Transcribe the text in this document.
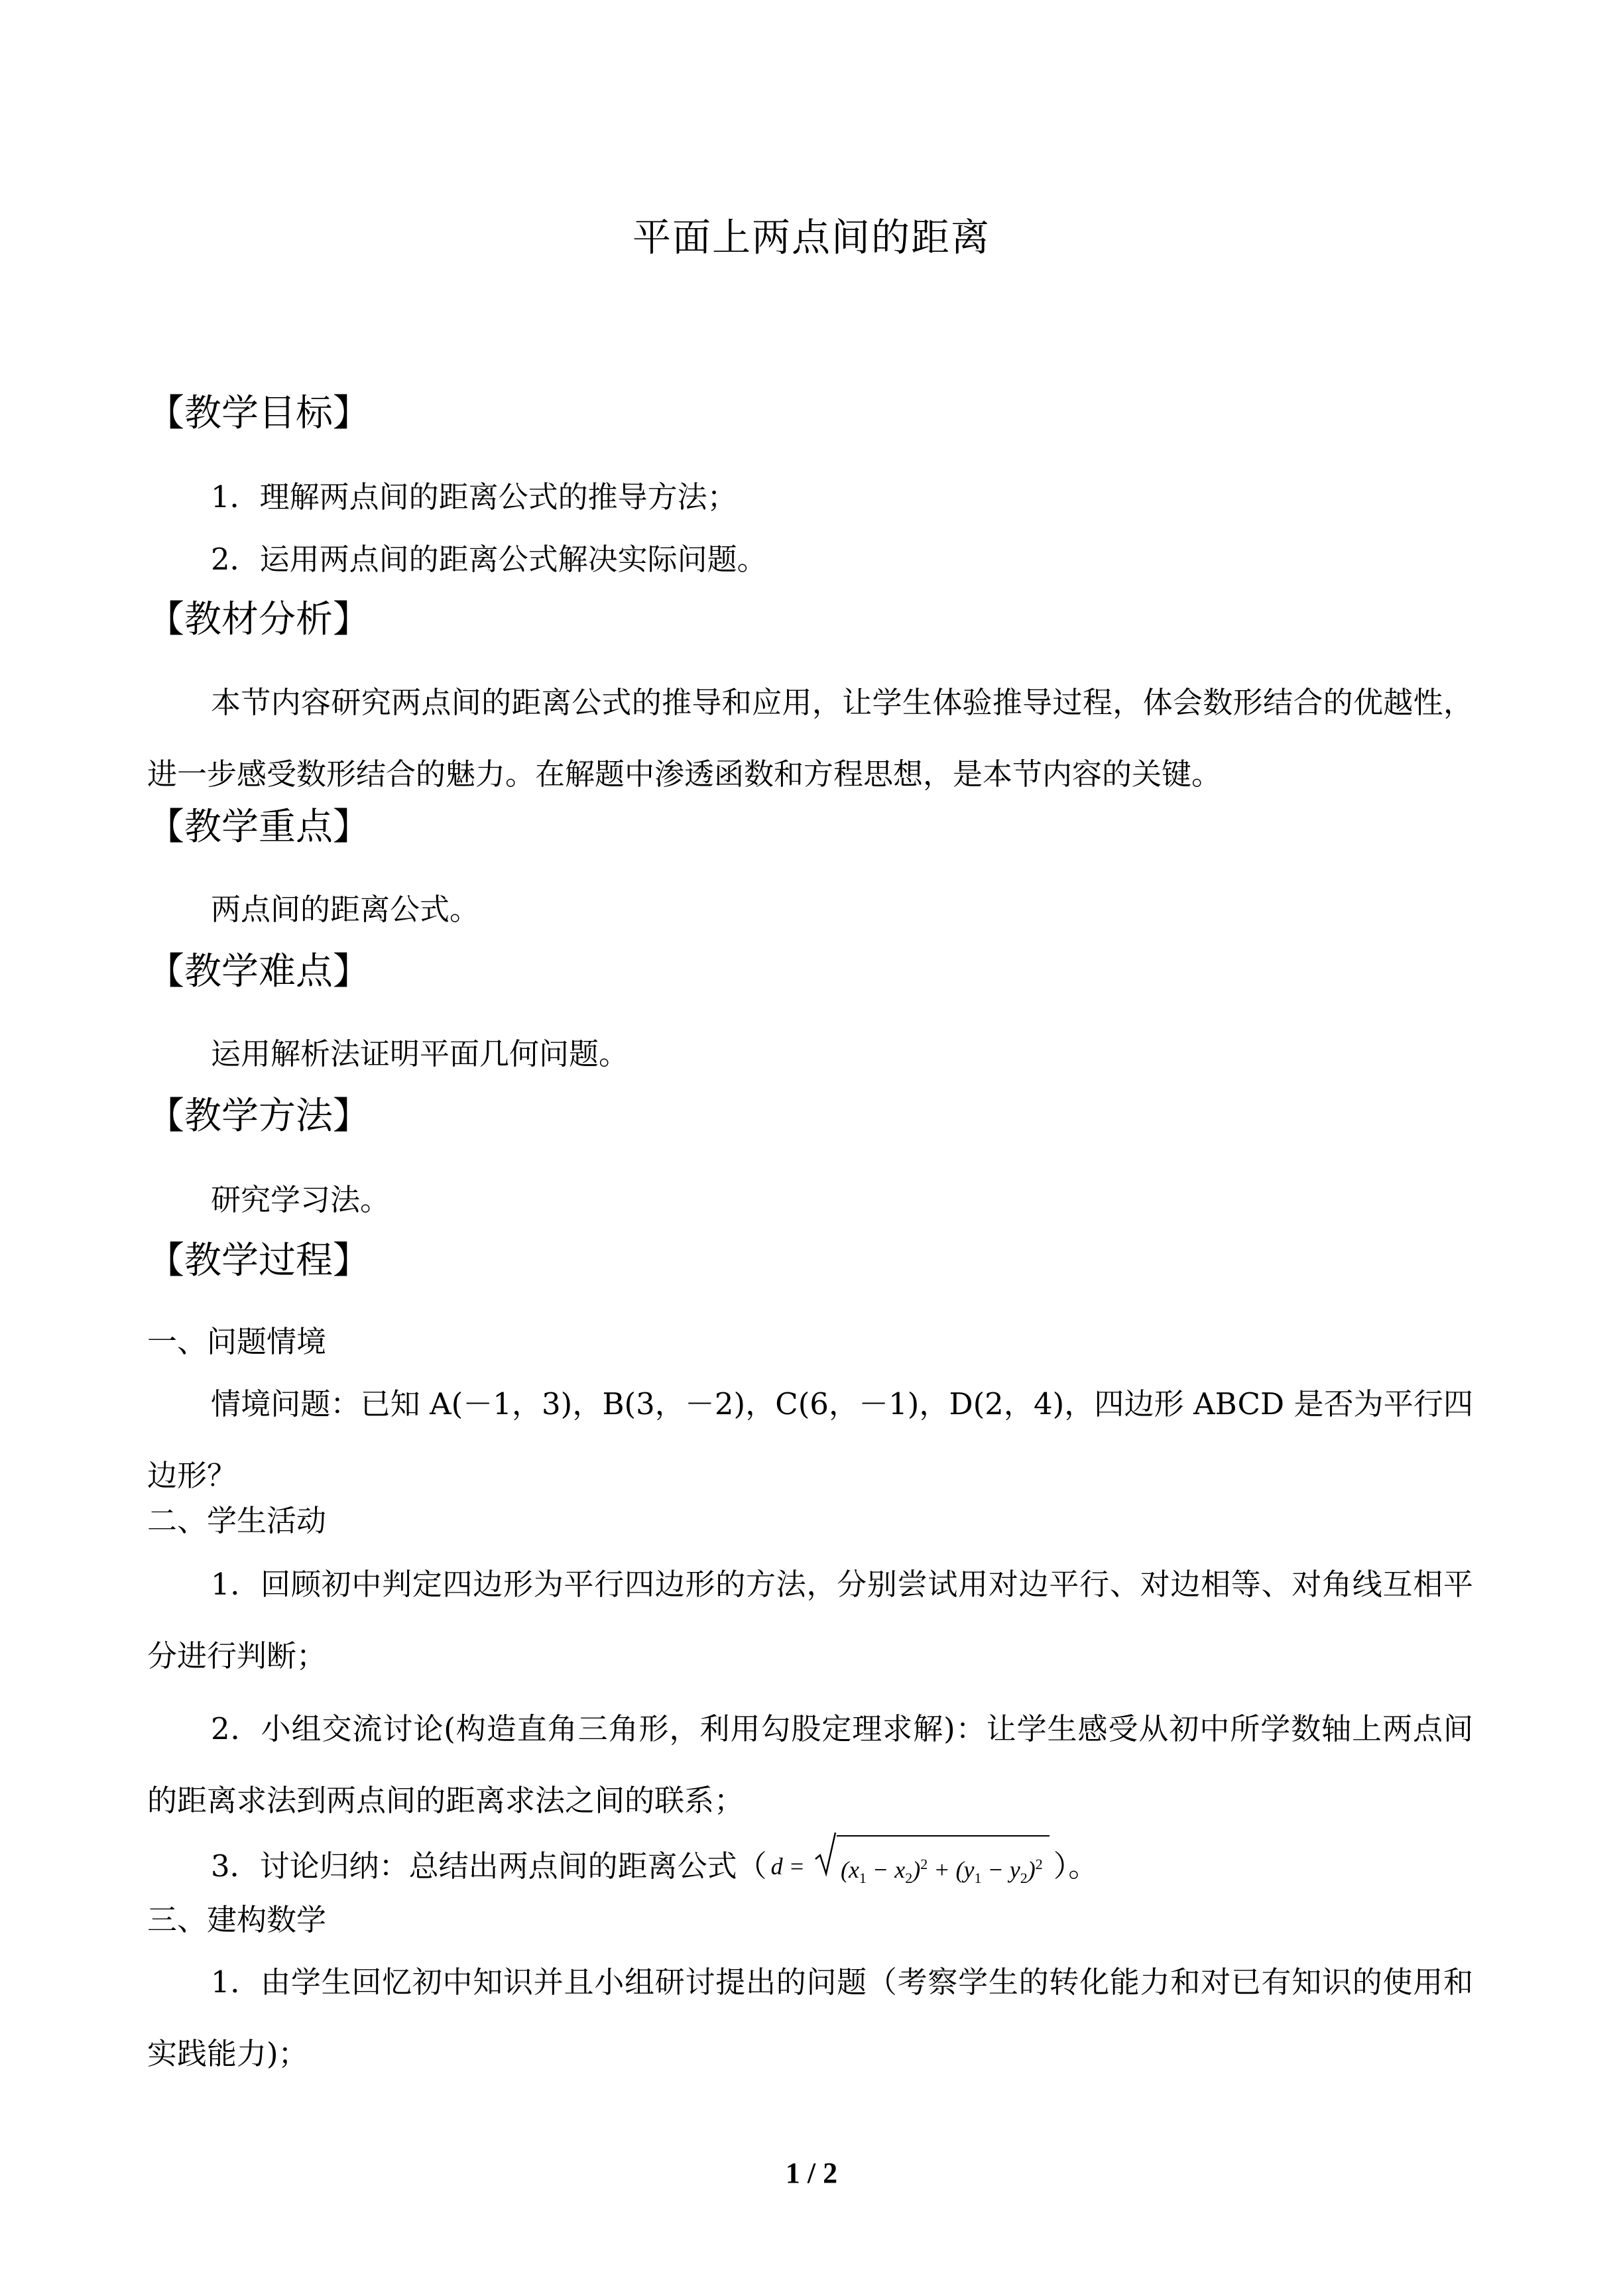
平面上两点间的距离
【教学目标】
1．理解两点间的距离公式的推导方法；
2．运用两点间的距离公式解决实际问题。
【教材分析】
本节内容研究两点间的距离公式的推导和应用，让学生体验推导过程，体会数形结合的优越性，进一步感受数形结合的魅力。在解题中渗透函数和方程思想，是本节内容的关键。
【教学重点】
两点间的距离公式。
【教学难点】
运用解析法证明平面几何问题。
【教学方法】
研究学习法。
【教学过程】
一、问题情境
情境问题：已知 A(－1，3)，B(3，－2)，C(6，－1)，D(2，4)，四边形 ABCD 是否为平行四边形？
二、学生活动
1．回顾初中判定四边形为平行四边形的方法，分别尝试用对边平行、对边相等、对角线互相平分进行判断；
2．小组交流讨论(构造直角三角形，利用勾股定理求解)：让学生感受从初中所学数轴上两点间的距离求法到两点间的距离求法之间的联系；
3．讨论归纳：总结出两点间的距离公式（ $d = (x_1 - x_2)^2 + (y_1 - y_2)^2$ ）。
三、建构数学
1．由学生回忆初中知识并且小组研讨提出的问题（考察学生的转化能力和对已有知识的使用和实践能力)；
1 / 2
